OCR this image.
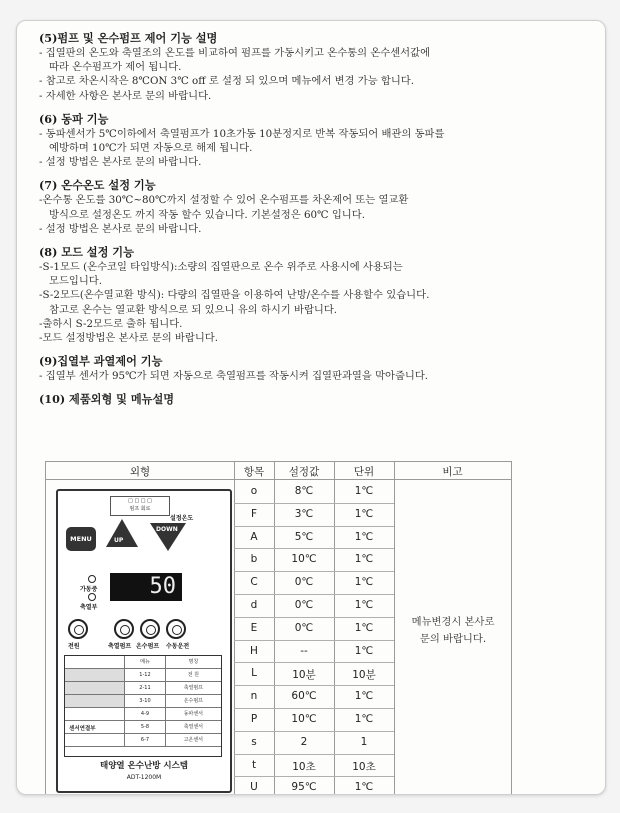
(5)펌프 및 온수펌프 제어 기능 설명
- 집열판의 온도와 축열조의 온도를 비교하여 펌프를 가동시키고 온수통의 온수센서값에
따라 온수펌프가 제어 됩니다.
- 참고로 차온시작은 8℃ON 3℃ off 로 설정 되 있으며 메뉴에서 변경 가능 합니다.
- 자세한 사항은 본사로 문의 바랍니다.
(6) 동파 기능
- 동파센서가 5℃이하에서 축열펌프가 10초가동 10분정지로 반복 작동되어 배관의 동파를
예방하며 10℃가 되면 자동으로 해제 됩니다.
- 설정 방법은 본사로 문의 바랍니다.
(7) 온수온도 설정 기능
-온수통 온도를 30℃~80℃까지 설정할 수 있어 온수펌프를 차온제어 또는 열교환
방식으로 설정온도 까지 작동 할수 있습니다. 기본설정은 60℃ 입니다.
- 설정 방법은 본사로 문의 바랍니다.
(8) 모드 설정 기능
-S-1모드 (온수코일 타입방식):소량의 집열판으로 온수 위주로 사용시에 사용되는
모드입니다.
-S-2모드(온수열교환 방식): 다량의 집열판을 이용하여 난방/온수를 사용할수 있습니다.
참고로 온수는 열교환 방식으로 되 있으니 유의 하시기 바랍니다.
-출하시 S-2모드로 출하 됩니다.
-모드 설정방법은 본사로 문의 바랍니다.
(9)집열부 과열제어 기능
- 집열부 센서가 95℃가 되면 자동으로 축열펌프를 작동시켜 집열판과열을 막아줍니다.
(10) 제품외형 및 메뉴설명
외형	항목	설정값	단위	비고
o	8℃	1℃
F	3℃	1℃
A	5℃	1℃
b	10℃	1℃
C	0℃	1℃
d	0℃	1℃
E	0℃	1℃
H	--	1℃
L	10분	10분
n	60℃	1℃
P	10℃	1℃
s	2	1
t	10초	10초
U	95℃	1℃
메뉴변경시 본사로
문의 바랍니다.
□ □ □ □
펌프 회로
MENU	UP
DOWN
설정온도
50
가동중
축열부
전원	축열펌프 온수펌프 수동운전
메뉴	명칭
1-12	전 원
2-11	축열펌프
3-10	온수펌프
4-9	동파센서
5-8	축열센서
6-7	고온센서
센서연결부
태양열 온수난방 시스템
ADT-1200M
